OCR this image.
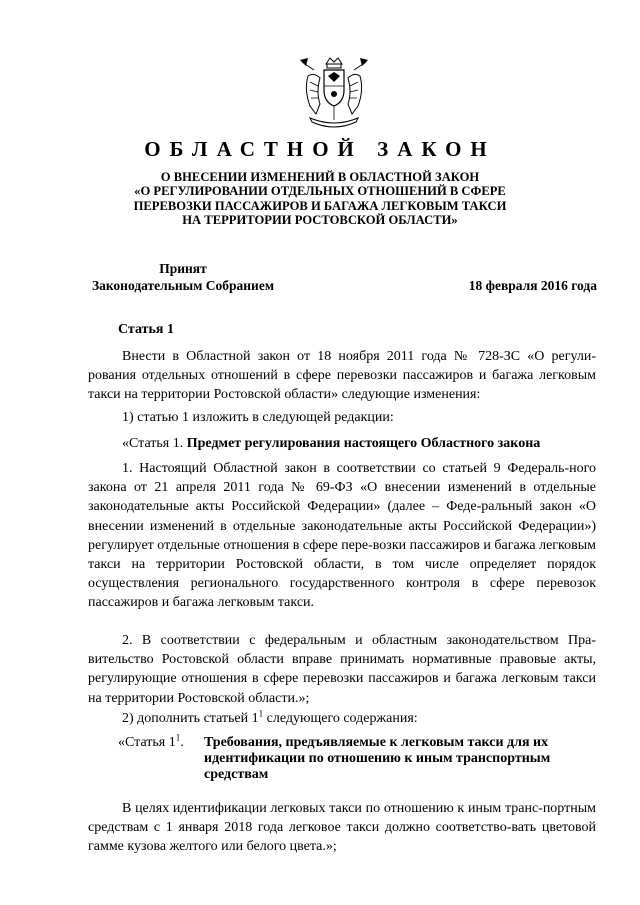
ОБЛАСТНОЙ ЗАКОН
О ВНЕСЕНИИ ИЗМЕНЕНИЙ В ОБЛАСТНОЙ ЗАКОН
«О РЕГУЛИРОВАНИИ ОТДЕЛЬНЫХ ОТНОШЕНИЙ В СФЕРЕ
ПЕРЕВОЗКИ ПАССАЖИРОВ И БАГАЖА ЛЕГКОВЫМ ТАКСИ
НА ТЕРРИТОРИИ РОСТОВСКОЙ ОБЛАСТИ»
Принят
Законодательным Собранием	18 февраля 2016 года
Статья 1
Внести в Областной закон от 18 ноября 2011 года № 728-ЗС «О регули-рования отдельных отношений в сфере перевозки пассажиров и багажа легковым такси на территории Ростовской области» следующие изменения:
1) статью 1 изложить в следующей редакции:
«Статья 1. Предмет регулирования настоящего Областного закона
1. Настоящий Областной закон в соответствии со статьей 9 Федераль-ного закона от 21 апреля 2011 года № 69-ФЗ «О внесении изменений в отдельные законодательные акты Российской Федерации» (далее – Феде-ральный закон «О внесении изменений в отдельные законодательные акты Российской Федерации») регулирует отдельные отношения в сфере пере-возки пассажиров и багажа легковым такси на территории Ростовской области, в том числе определяет порядок осуществления регионального государственного контроля в сфере перевозок пассажиров и багажа легковым такси.
2. В соответствии с федеральным и областным законодательством Пра-вительство Ростовской области вправе принимать нормативные правовые акты, регулирующие отношения в сфере перевозки пассажиров и багажа легковым такси на территории Ростовской области.»;
2) дополнить статьей $1^1$ следующего содержания:
«Статья $1^1$.	Требования, предъявляемые к легковым такси для их идентификации по отношению к иным транспортным средствам
В целях идентификации легковых такси по отношению к иным транс-портным средствам с 1 января 2018 года легковое такси должно соответство-вать цветовой гамме кузова желтого или белого цвета.»;
